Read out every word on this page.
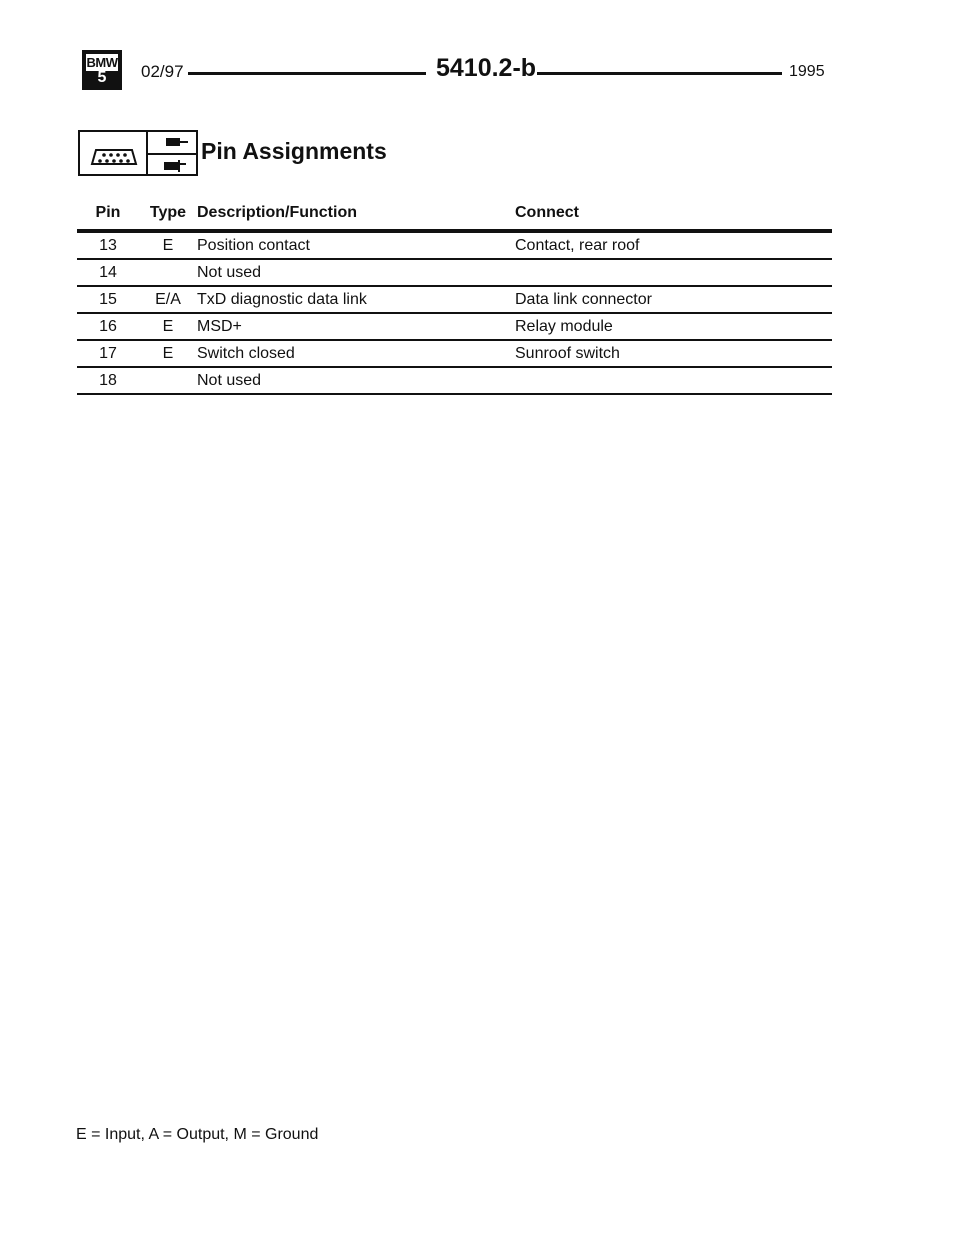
BMW
5	02/97	5410.2-b	1995
Pin Assignments
Pin	Type	Description/Function	Connect
13	E	Position contact	Contact, rear roof
14		Not used	
15	E/A	TxD diagnostic data link	Data link connector
16	E	MSD+	Relay module
17	E	Switch closed	Sunroof switch
18		Not used	
E = Input, A = Output, M = Ground
